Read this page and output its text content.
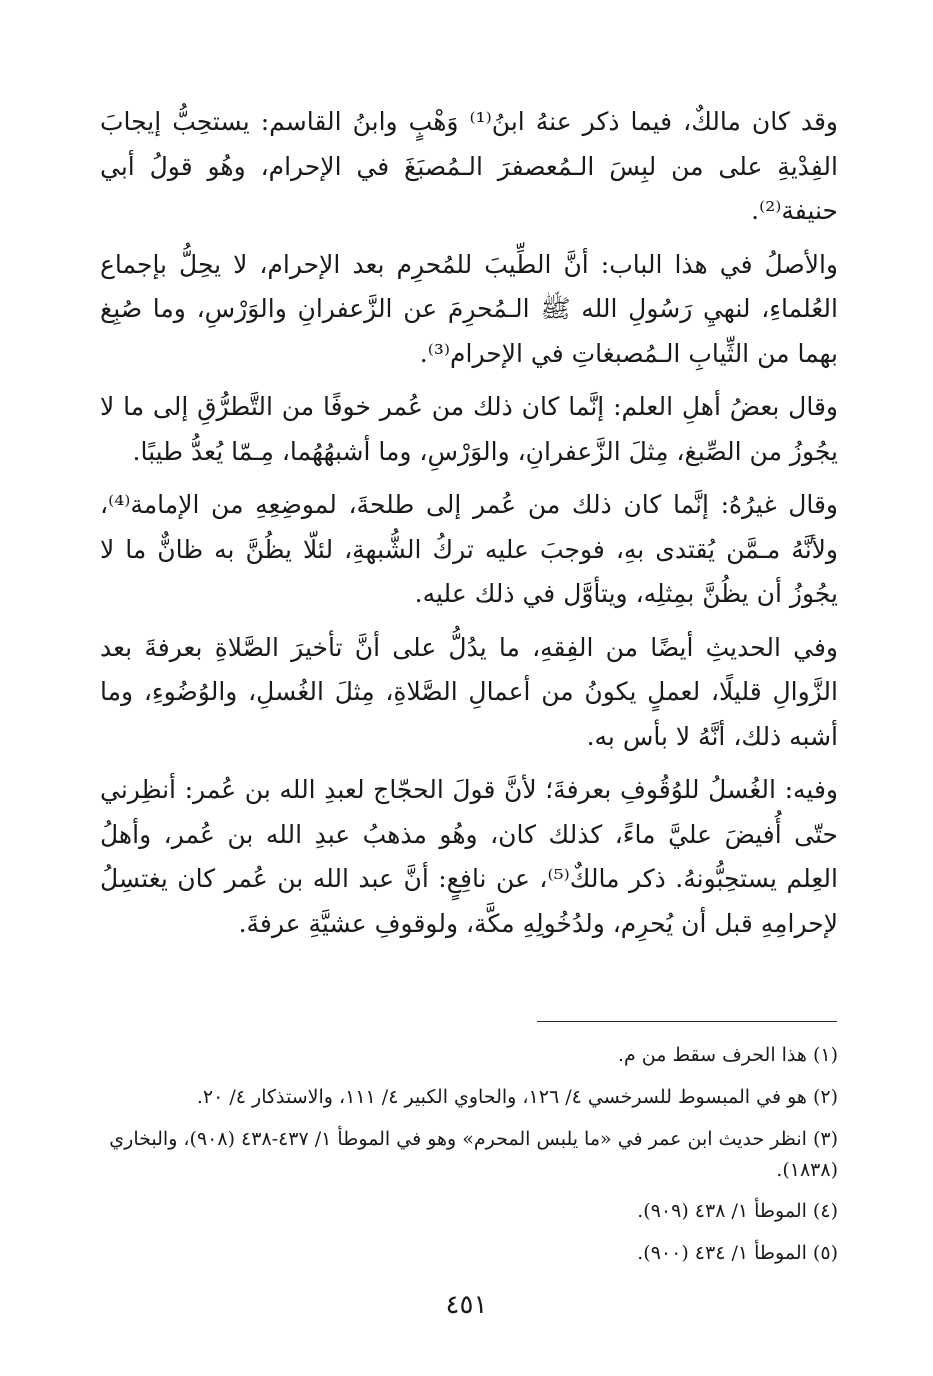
وقد كان مالكٌ، فيما ذكر عنهُ ابنُ⁽¹⁾ وَهْبٍ وابنُ القاسم: يستحِبُّ إيجابَ الفِدْيةِ على من لبِسَ الـمُعصفرَ الـمُصبَغَ في الإحرام، وهُو قولُ أبي حنيفة⁽²⁾.

والأصلُ في هذا الباب: أنَّ الطِّيبَ للمُحرِم بعد الإحرام، لا يحِلُّ بإجماع العُلماءِ، لنهيِ رَسُولِ الله ﷺ الـمُحرِمَ عن الزَّعفرانِ والوَرْسِ، وما صُبِغ بهما من الثِّيابِ الـمُصبغاتِ في الإحرام⁽³⁾.

وقال بعضُ أهلِ العلم: إنَّما كان ذلك من عُمر خوفًا من التَّطرُّقِ إلى ما لا يجُوزُ من الصِّبغ، مِثلَ الزَّعفرانِ، والوَرْسِ، وما أشبهُهُما، مِـمّا يُعدُّ طيبًا.

وقال غيرُهُ: إنَّما كان ذلك من عُمر إلى طلحةَ، لموضِعِهِ من الإمامة⁽⁴⁾، ولأنَّهُ مـمَّن يُقتدى بهِ، فوجبَ عليه تركُ الشُّبهةِ، لئلّا يظُنَّ به ظانٌّ ما لا يجُوزُ أن يظُنَّ بمِثلِه، ويتأوَّل في ذلك عليه.

وفي الحديثِ أيضًا من الفِقهِ، ما يدُلُّ على أنَّ تأخيرَ الصَّلاةِ بعرفةَ بعد الزَّوالِ قليلًا، لعملٍ يكونُ من أعمالِ الصَّلاةِ، مِثلَ الغُسلِ، والوُضُوءِ، وما أشبه ذلك، أنَّهُ لا بأس به.

وفيه: الغُسلُ للوُقُوفِ بعرفةَ؛ لأنَّ قولَ الحجّاج لعبدِ الله بن عُمر: أنظِرني حتّى أُفيضَ عليَّ ماءً، كذلك كان، وهُو مذهبُ عبدِ الله بن عُمر، وأهلُ العِلم يستحِبُّونهُ. ذكر مالكٌ⁽⁵⁾، عن نافِعٍ: أنَّ عبد الله بن عُمر كان يغتسِلُ لإحرامِهِ قبل أن يُحرِم، ولدُخُولِهِ مكَّة، ولوقوفِ عشيَّةِ عرفةَ.

(١) هذا الحرف سقط من م.

(٢) هو في المبسوط للسرخسي ٤/ ١٢٦، والحاوي الكبير ٤/ ١١١، والاستذكار ٤/ ٢٠.

(٣) انظر حديث ابن عمر في «ما يلبس المحرم» وهو في الموطأ ١/ ٤٣٧-٤٣٨ (٩٠٨)، والبخاري (١٨٣٨).

(٤) الموطأ ١/ ٤٣٨ (٩٠٩).

(٥) الموطأ ١/ ٤٣٤ (٩٠٠).

٤٥١
